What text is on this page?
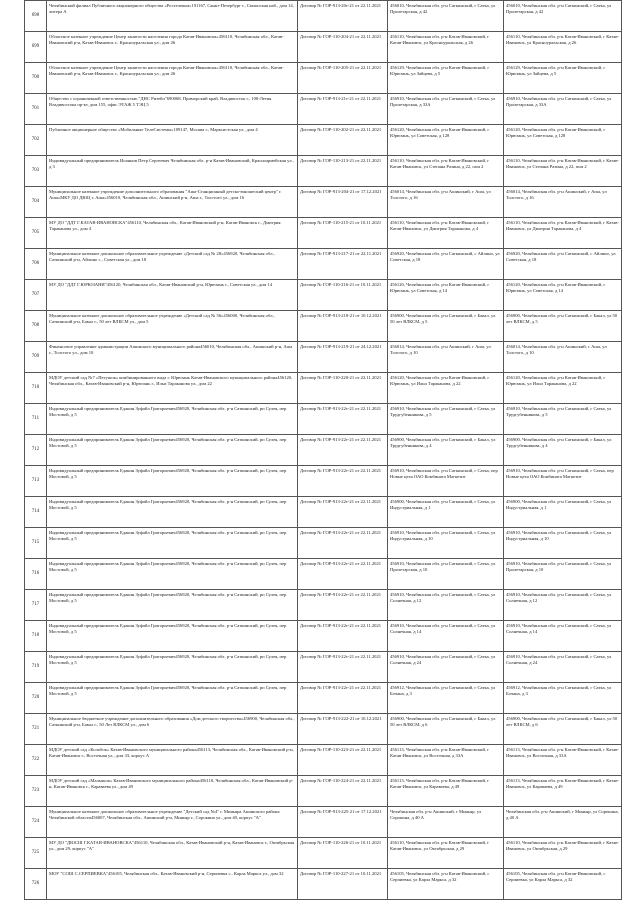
698	Челябинский филиал Публичного акционерного общества «Ростелеком»191167, Санкт-Петербург г., Синопская наб., дом 14, литера А	Договор № ГОР-913-20т-21 от 22.11.2021	456010, Челябинская обл. р-н Саткинский, г Сатка, ул Пролетарская, д 42	456010, Челябинская обл. р-н Саткинский, г Сатка, ул Пролетарская, д 42
699	Областное казенное учреждение Центр занятости населения города Катав-Ивановска»456110, Челябинская обл., Катав-Ивановский р-н, Катав-Ивановск г., Красноуральская ул., дом 26	Договор № ГОР-110-204-21 от 22.11.2021	456110, Челябинская обл. р-н Катав-Ивановский, г Катав-Ивановск, ул Красноуральская, д 26	456110, Челябинская обл. р-н Катав-Ивановский, г Катав-Ивановск, ул Красноуральская, д 26
700	Областное казенное учреждение Центр занятости населения города Катав-Ивановска»456110, Челябинская обл., Катав-Ивановский р-н, Катав-Ивановск г., Красноуральская ул., дом 26	Договор № ГОР-110-205-21 от 22.11.2021	456129, Челябинская обл. р-н Катав-Ивановский, г Юрюзань, ул Зайцева, д 5	456129, Челябинская обл. р-н Катав-Ивановский, г Юрюзань, ул Зайцева, д 5
701	Общество с ограниченной ответственностью "ДНС Ритейл"690068, Приморский край, Владивосток г., 100-Летия Владивостока пр-кт, дом 155, офис ЭТАЖ 5 ТЭЦ 5	Договор № ГОР-913-21т-21 от 22.11.2021	456910, Челябинская обл. р-н Саткинский, г Сатка, ул Пролетарская, д 33А	456910, Челябинская обл. р-н Саткинский, г Сатка, ул Пролетарская, д 33А
702	Публичное акционерное общество «Мобильные ТелеСистемы»109147, Москва г., Марксистская ул., дом 4	Договор № ГОР-110-202-21 от 22.11.2021	456120, Челябинская обл. р-н Катав-Ивановский, г Юрюзань, ул Советская, д 128	456120, Челябинская обл. р-н Катав-Ивановский, г Юрюзань, ул Советская, д 128
703	Индивидуальный предприниматель Иоаннов Петр Сергеевич Челябинская обл. р-н Катав-Ивановский, Красноармейская ул., д 3	Договор № ГОР-110-213-21 от 22.11.2021	456110, Челябинская обл. р-н Катав-Ивановский, г Катав-Ивановск, ул Степана Разина, д 22, пом 2	456110, Челябинская обл. р-н Катав-Ивановский, г Катав-Ивановск, ул Степана Разина, д 22, пом 2
704	Муниципальное казенное учреждение дополнительного образования "Аша-Станционный детско-юношеский центр" г. Аша»МКУ ДО ДЮЦ г. Аша»456010, Челябинская обл., Ашинский р-н, Аша г., Толстого ул., дом 16	Договор № ГОР-913-204-21 от 17.12.2021	456014, Челябинская обл. р-н Ашинский, г Аша, ул Толстого, д 16	456014, Челябинская обл. р-н Ашинский, г Аша, ул Толстого, д 16
705	МУ ДО "ДДТ Г.КАТАВ-ИВАНОВСКА"456110, Челябинская обл., Катав-Ивановский р-н, Катав-Ивановск г., Дмитрия Тараканова ул., дом 4	Договор № ГОР-110-215-21 от 10.11.2021	456110, Челябинская обл. р-н Катав-Ивановский, г Катав-Ивановск, ул Дмитрия Тараканова, д 4	456110, Челябинская обл. р-н Катав-Ивановский, г Катав-Ивановск, ул Дмитрия Тараканова, д 4
706	Муниципальное казенное дошкольное образовательное учреждение «Детский сад № 28»456920, Челябинская обл., Саткинский р-н, Айлино с., Советская ул., дом 18	Договор № ГОР-913-217-21 от 22.11.2021	456920, Челябинская обл. р-н Саткинский, с Айлино, ул Советская, д 18	456920, Челябинская обл. р-н Саткинский, с Айлино, ул Советская, д 18
707	МУ ДО "ДДТ Г.ЮРЮЗАНИ"456120, Челябинская обл., Катав-Ивановский р-н, Юрюзань г., Советская ул., дом 14	Договор № ГОР-110-216-21 от 10.11.2021	456120, Челябинская обл. р-н Катав-Ивановский, г Юрюзань, ул Советская, д 14	456120, Челябинская обл. р-н Катав-Ивановский, г Юрюзань, ул Советская, д 14
708	Муниципальное казенное дошкольное образовательное учреждение «Детский сад № 56»456000, Челябинская обл., Саткинский р-н, Бакал г., 50 лет ВЛКСМ ул., дом 5	Договор № ГОР-913-218-21 от 10.12.2021	456900, Челябинская обл. р-н Саткинский, г Бакал, ул 50 лет ВЛКСМ, д 5	456900, Челябинская обл. р-н Саткинский, г Бакал, ул 50 лет ВЛКСМ, д 5
709	Финансовое управление администрации Ашинского муниципального района456010, Челябинская обл., Ашинский р-н, Аша г., Толстого ул., дом 10	Договор № ГОР-913-219-21 от 24.12.2021	456014, Челябинская обл. р-н Ашинский, г Аша, ул Толстого, д 10	456014, Челябинская обл. р-н Ашинский, г Аша, ул Толстого, д 10
710	МДОУ детский сад №7 «Петушок» комбинированного вида г. Юрюзань Катав-Ивановского муниципального района456120, Челябинская обл., Катав-Ивановский р-н, Юрюзань г., Ильи Тараканова ул., дом 22	Договор № ГОР-110-220-21 от 22.11.2021	456120, Челябинская обл. р-н Катав-Ивановский, г Юрюзань, ул Ильи Тараканова, д 22	456120, Челябинская обл. р-н Катав-Ивановский, г Юрюзань, ул Ильи Тараканова, д 22
711	Индивидуальный предприниматель Едакин Зуфайл Григорьевич456920, Челябинская обл. р-н Саткинский, рп Сулея, пер Мостовой, д 5	Договор № ГОР-913-22т-21 от 22.11.2021	456910, Челябинская обл. р-н Саткинский, г Сатка, ул Трудгубенникова, д 5	456910, Челябинская обл. р-н Саткинский, г Сатка, ул Трудгубенникова, д 5
712	Индивидуальный предприниматель Едакин Зуфайл Григорьевич456920, Челябинская обл. р-н Саткинский, рп Сулея, пер Мостовой, д 5	Договор № ГОР-913-22т-21 от 22.11.2021	456900, Челябинская обл. р-н Саткинский, г Бакал, ул Трудгубенникова, д 4	456900, Челябинская обл. р-н Саткинский, г Бакал, ул Трудгубенникова, д 4
713	Индивидуальный предприниматель Едакин Зуфайл Григорьевич456920, Челябинская обл. р-н Саткинский, рп Сулея, пер Мостовой, д 5	Договор № ГОР-913-22т-21 от 22.11.2021	456910, Челябинская обл. р-н Саткинский, г Сатка, пер Новые цеха ОАО Комбината Магнезит	456910, Челябинская обл. р-н Саткинский, г Сатка, пер Новые цеха ОАО Комбината Магнезит
714	Индивидуальный предприниматель Едакин Зуфайл Григорьевич456920, Челябинская обл. р-н Саткинский, рп Сулея, пер Мостовой, д 5	Договор № ГОР-913-22т-21 от 22.11.2021	456900, Челябинская обл. р-н Саткинский, г Сатка, ул Индустриальная, д 1	456900, Челябинская обл. р-н Саткинский, г Сатка, ул Индустриальная, д 1
715	Индивидуальный предприниматель Едакин Зуфайл Григорьевич456920, Челябинская обл. р-н Саткинский, рп Сулея, пер Мостовой, д 5	Договор № ГОР-913-22т-21 от 22.11.2021	456910, Челябинская обл. р-н Саткинский, г Сатка, ул Индустриальная, д 10	456910, Челябинская обл. р-н Саткинский, г Сатка, ул Индустриальная, д 10
716	Индивидуальный предприниматель Едакин Зуфайл Григорьевич456920, Челябинская обл. р-н Саткинский, рп Сулея, пер Мостовой, д 5	Договор № ГОР-913-22т-21 от 22.11.2021	456910, Челябинская обл. р-н Саткинский, г Сатка, ул Пролетарская, д 10	456910, Челябинская обл. р-н Саткинский, г Сатка, ул Пролетарская, д 10
717	Индивидуальный предприниматель Едакин Зуфайл Григорьевич456920, Челябинская обл. р-н Саткинский, рп Сулея, пер Мостовой, д 5	Договор № ГОР-913-22т-21 от 22.11.2021	456910, Челябинская обл. р-н Саткинский, г Сатка, ул Солнечная, д 12	456910, Челябинская обл. р-н Саткинский, г Сатка, ул Солнечная, д 12
718	Индивидуальный предприниматель Едакин Зуфайл Григорьевич456920, Челябинская обл. р-н Саткинский, рп Сулея, пер Мостовой, д 5	Договор № ГОР-913-22т-21 от 22.11.2021	456910, Челябинская обл. р-н Саткинский, г Сатка, ул Солнечная, д 14	456910, Челябинская обл. р-н Саткинский, г Сатка, ул Солнечная, д 14
719	Индивидуальный предприниматель Едакин Зуфайл Григорьевич456920, Челябинская обл. р-н Саткинский, рп Сулея, пер Мостовой, д 5	Договор № ГОР-913-22т-21 от 22.11.2021	456910, Челябинская обл. р-н Саткинский, г Сатка, ул Солнечная, д 24	456910, Челябинская обл. р-н Саткинский, г Сатка, ул Солнечная, д 24
720	Индивидуальный предприниматель Едакин Зуфайл Григорьевич456920, Челябинская обл. р-н Саткинский, рп Сулея, пер Мостовой, д 5	Договор № ГОР-913-22т-21 от 22.11.2021	456912, Челябинская обл. р-н Саткинский, г Сатка, ул Бочана, д 3	456912, Челябинская обл. р-н Саткинский, г Сатка, ул Бочана, д 3
721	Муниципальное бюджетное учреждение дополнительного образования «Дом детского творчества»456900, Челябинская обл., Саткинский р-н, Бакал г., 50 Лет ВЛКСМ ул., дом 6	Договор № ГОР-913-222-21 от 10.12.2021	456900, Челябинская обл. р-н Саткинский, г Бакал, ул 50 лет ВЛКСМ, д 6	456900, Челябинская обл. р-н Саткинский, г Бакал, ул 50 лет ВЛКСМ, д 6
722	МДОУ детский сад «Колобок» Катав-Ивановского муниципального района456113, Челябинская обл., Катав-Ивановский р-н, Катав-Ивановск г., Восточная ул., дом 33, корпус А	Договор № ГОР-110-223-21 от 22.11.2021	456113, Челябинская обл. р-н Катав-Ивановский, г Катав-Ивановск, ул Восточная, д 33А	456113, Челябинская обл. р-н Катав-Ивановский, г Катав-Ивановск, ул Восточная, д 33А
723	МДОУ детский сад «Малышок» Катав-Ивановского муниципального района456110, Челябинская обл., Катав-Ивановский р-н, Катав-Ивановск г., Караваева ул., дом 49	Договор № ГОР-110-224-21 от 22.11.2021	456113, Челябинская обл. р-н Катав-Ивановский, г Катав-Ивановск, ул Караваева, д 49	456113, Челябинская обл. р-н Катав-Ивановский, г Катав-Ивановск, ул Караваева, д 49
724	Муниципальное казенное дошкольное образовательное учреждение "Детский сад №4" г. Миньяра Ашинского района Челябинской области456007, Челябинская обл., Ашинский р-н, Миньяр г., Сорокина ул., дом 40, корпус "А"	Договор № ГОР-913-225-21 от 17.12.2021	Челябинская обл. р-н Ашинский, г Миньяр, ул Сорокина, д 40 А	Челябинская обл. р-н Ашинский, г Миньяр, ул Сорокина, д 40 А
725	МУ ДО "ДЮСШ Г.КАТАВ-ИВАНОВСКА"456110, Челябинская обл., Катав-Ивановский р-н, Катав-Ивановск г., Октябрьская ул., дом 29, корпус "А"	Договор № ГОР-110-226-21 от 10.11.2021	456110, Челябинская обл. р-н Катав-Ивановский, г Катав-Ивановск, ул Октябрьская, д 29	456110, Челябинская обл. р-н Катав-Ивановский, г Катав-Ивановск, ул Октябрьская, д 29
726	МОУ "СОШ С.СЕРПИЕВКА"456105, Челябинская обл., Катав-Ивановский р-н, Серпиевка с., Карла Маркса ул., дом 32	Договор № ГОР-110-227-21 от 10.11.2021	456105, Челябинская обл. р-н Катав-Ивановский, с Серпиевка, ул Карла Маркса, д 32	456105, Челябинская обл. р-н Катав-Ивановский, с Серпиевка, ул Карла Маркса, д 32
